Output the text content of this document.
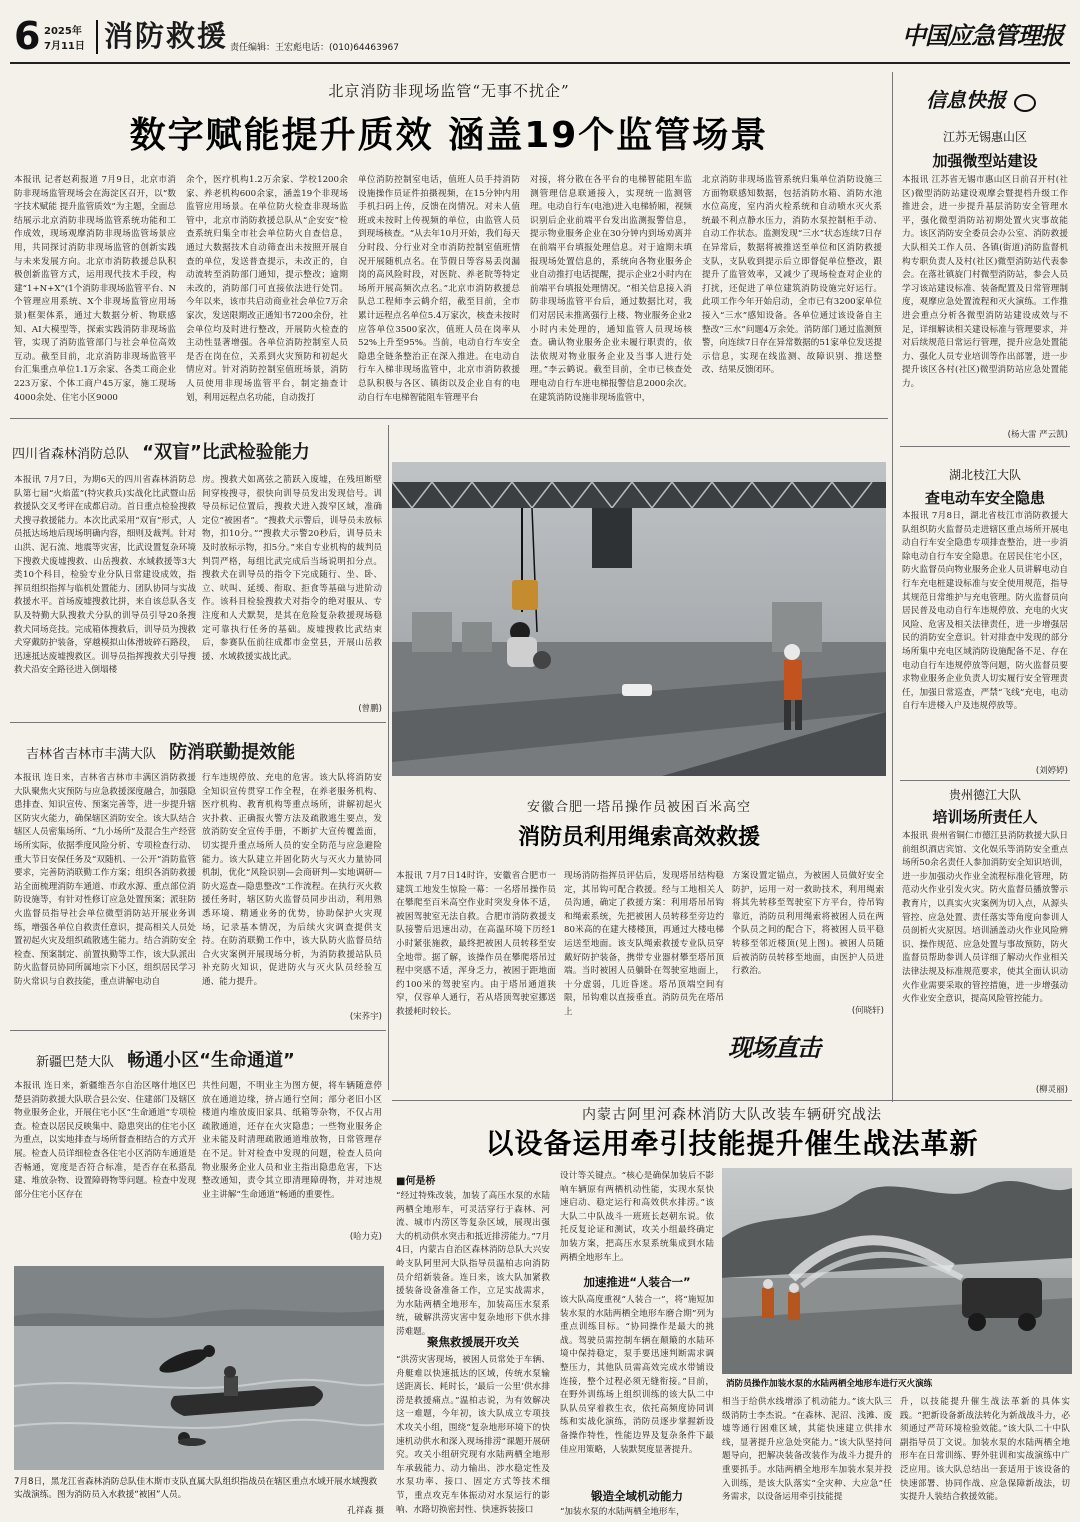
6 2025年
7月11日 消防救援 责任编辑：王宏彪 电话：(010)64463967	中国应急管理报
北京消防非现场监管“无事不扰企”
数字赋能提升质效 涵盖19个监管场景
本报讯 记者赵莉报道 7月9日，北京市消防非现场监管现场会在海淀区召开，以“数字技术赋能 提升监管质效”为主题，全面总结展示北京消防非现场监管系统功能和工作成效，现场观摩消防非现场监管场景应用，共同探讨消防非现场监管的创新实践与未来发展方向。北京市消防救援总队积极创新监管方式，运用现代技术手段，构建“1+N+X”(1个消防非现场监管平台、N个管理应用系统、X个非现场监管应用场景)框架体系，通过大数据分析、物联感知、AI大模型等，探索实践消防非现场监管，实现了消防监管部门与社会单位高效互动。截至目前，北京消防非现场监管平台汇集重点单位1.1万余家、各类工商企业223万家、个体工商户45万家，施工现场4000余处、住宅小区9000
余个，医疗机构1.2万余家、学校1200余家、养老机构600余家，涵盖19个非现场监管应用场景。在单位防火检查非现场监管中，北京市消防救援总队从“企安安”检查系统归集全市社会单位防火自查信息，通过大数据技术自动筛查出未按照开展自查的单位，发送普查提示，未改正的，自动流转至消防部门通知，提示整改；逾期未改的，消防部门可直接依法进行处罚。今年以来，该市共启动商业社会单位7万余家次，发送限期改正通知书7200余份，社会单位均及时进行整改，开展防火检查的主动性显著增强。各单位消防控制室人员是否在岗在位，关系到火灾预防和初起火情应对。针对消防控制室值班场景，消防人员使用非现场监管平台，制定抽查计划，利用远程点名功能，自动拨打
单位消防控制室电话，值班人员手持消防设施操作员证件拍摄视频，在15分钟内用手机扫码上传，反馈在岗情况。对未人值班或未按时上传视频的单位，由监管人员到现场核查。“从去年10月开始，我们每天分时段、分行业对全市消防控制室值班情况开展随机点名。在节假日等容易丢岗漏岗的高风险时段，对医院、养老院等特定场所开展高频次点名。”北京市消防救援总队总工程师李云鹤介绍，截至目前，全市累计远程点名单位5.4万家次，核查未按时应答单位3500家次，值班人员在岗率从52%上升至95%。当前，电动自行车安全隐患全链条整治正在深入推进。在电动自行车入梯非现场监管中，北京市消防救援总队积极与各区、镇街以及企业自有的电动自行车电梯智能阻车管理平台
对接，将分散在各平台的电梯智能阻车监测管理信息联通接入，实现统一监测管理。电动自行车(电池)进入电梯轿厢，视频识别后企业前端平台发出监测报警信息，提示物业服务企业在30分钟内到场劝离并在前端平台填报处理信息。对于逾期未填报现场处置信息的，系统向各物业服务企业自动推打电话提醒，提示企业2小时内在前端平台填报处理情况。“相关信息接入消防非现场监管平台后，通过数据比对，我们对居民未推离强行上楼、物业服务企业2小时内未处理的，通知监管人员现场核查。确认物业服务企业未履行职责的，依法依规对物业服务企业及当事人进行处理。”李云鹤说。截至目前，全市已核查处理电动自行车进电梯报警信息2000余次。在建筑消防设施非现场监管中，
北京消防非现场监管系统归集单位消防设施三方面物联感知数据，包括消防水箱、消防水池水位高度，室内消火栓系统和自动喷水灭火系统最不利点静水压力，消防水泵控制柜手动、自动工作状态。监测发现“三水”状态连续7日存在异常后，数据将被推送至单位和区消防救援支队，支队收到提示后立即督促单位整改，跟提升了监管效率，又减少了现场检查对企业的打扰，还促进了单位建筑消防设施完好运行。此项工作今年开始启动，全市已有3200家单位接入“三水”感知设备。各单位通过该设备自主整改“三水”问题4万余处。消防部门通过监测预警，向连续7日存在异常数据的51家单位发送提示信息，实现在线监测、故障识别、推送整改、结果反馈闭环。
信息快报
江苏无锡惠山区
加强微型站建设
本报讯 江苏省无锡市惠山区日前召开村(社区)微型消防站建设观摩会暨提档升级工作推进会，进一步提升基层消防安全管理水平，强化微型消防站初期处置火灾事故能力。该区消防安全委员会办公室、消防救援大队相关工作人员、各镇(街道)消防监督机构专职负责人及村(社区)微型消防站代表参会。在落社镇旋门村微型消防站，参会人员学习该站建设标准、装备配置及日常管理制度，观摩应急处置流程和灭火演练。工作推进会重点分析各微型消防站建设成效与不足，详细解读相关建设标准与管理要求，并对后续规范日常运行管理，提升应急处置能力、强化人员专业培训等作出部署，进一步提升该区各村(社区)微型消防站应急处置能力。
(杨大雷 严云凯)
湖北枝江大队
查电动车安全隐患
本报讯 7月8日，湖北省枝江市消防救援大队组织防火监督员走进辖区重点场所开展电动自行车安全隐患专项排查整治，进一步消除电动自行车安全隐患。在居民住宅小区，防火监督员向物业服务企业人员讲解电动自行车充电桩建设标准与安全使用规范，指导其规范日常维护与充电管理。防火监督员向居民普及电动自行车违规停放、充电的火灾风险、危害及相关法律责任，进一步增强居民的消防安全意识。针对排查中发现的部分场所集中充电区域消防设施配备不足、存在电动自行车违规停放等问题，防火监督员要求物业服务企业负责人切实履行安全管理责任，加强日常巡查，严禁“飞线”充电，电动自行车进楼入户及违规停放等。
(刘婷婷)
贵州德江大队
培训场所责任人
本报讯 贵州省铜仁市德江县消防救援大队日前组织酒店宾馆、文化娱乐等消防安全重点场所50余名责任人参加消防安全知识培训，进一步加强动火作业全流程标准化管理，防范动火作业引发火灾。防火监督员播放警示教育片，以真实火灾案例为切入点，从源头管控、应急处置、责任落实等角度向参训人员剖析火灾原因。培训涵盖动火作业风险辨识、操作规范、应急处置与事故预防，防火监督员帮助参训人员详细了解动火作业相关法律法规及标准规范要求，使其全面认识动火作业需要采取的管控措施，进一步增强动火作业安全意识，提高风险管控能力。
(柳灵丽)
四川省森林消防总队 “双盲”比武检验能力
本报讯 7月7日，为期6天的四川省森林消防总队第七届“火焰蓝”(特灾救兵)实战化比武暨山岳救援队交叉考评在成都启动。首日重点检验搜救犬搜寻救援能力。本次比武采用“双盲”形式，人员抵达场地后现场明确内容，细则及裁判。针对山洪、泥石流、地震等灾害，比武设置复杂环境下搜救犬废墟搜救、山岳搜救、水域救援等3大类10个科目，检验专业分队日常建设成效，指挥员组织指挥与临机处置能力、团队协同与实战救援水平。首场废墟搜救比拼，来自该总队各支队及特勤大队搜救犬分队的训导员引导20条搜救犬同场竞技。完成箱体搜救后，训导员为搜救犬穿戴防护装备，穿越模拟山体滑坡碎石路段，迅速抵达废墟搜救区。训导员指挥搜救犬引导搜救犬沿安全路径进入倒塌楼
房。搜救犬如离弦之箭跃入废墟，在残垣断壁间穿梭搜寻，很快向训导员发出发现信号。训导员标记位置后，搜救犬进入拨窄区域，准确定位“被困者”。“搜救犬示警后，训导员未放标物，扣10分。”“搜救犬示警20秒后，训导员未及时放标示物，扣5分。”来自专业机构的裁判员判罚严格，每组比武完成后当场说明扣分点。搜救犬在训导员的指令下完成随行、坐、卧、立、吠叫、延缓、衔取、拒食等基础与进阶动作。该科目检验搜救犬对指令的绝对服从、专注度和人犬默契，是其在危险复杂救援现场稳定可靠执行任务的基础。废墟搜救比武结束后，参赛队伍前往成都市金堂县，开展山岳救援、水域救援实战比武。
(曾鹏)
吉林省吉林市丰满大队 防消联勤提效能
本报讯 连日来，吉林省吉林市丰满区消防救援大队聚焦火灾预防与应急救援深度融合，加强隐患排查、知识宣传、预案完善等，进一步提升辖区防灾火能力，确保辖区消防安全。该大队结合辖区人员密集场所、“九小场所”及混合生产经营场所实际，依据季度风险分析、专项检查行动、重大节日安保任务及“双随机、一公开”消防监管要求，完善防消联勤工作方案；组织各消防救援站全面梳理消防车通道、市政水源、重点部位消防设施等，有针对性修订应急处置预案；派驻防火监督员指导社会单位微型消防站开展业务训练，增强各单位自救责任意识，提高相关人员处置初起火灾及组织疏散逃生能力。结合消防安全检查、预案制定、前置执勤等工作，该大队派出防火监督员协同所属地宗下小区，组织居民学习防火常识与自救技能，重点讲解电动自
行车违规停放、充电的危害。该大队将消防安全知识宣传贯穿工作全程，在养老服务机构、医疗机构、教育机构等重点场所，讲解初起火灾扑救、正确报火警方法及疏散逃生要点，发放消防安全宣传手册，不断扩大宣传覆盖面，切实提升重点场所人员的安全防范与应急避险能力。该大队建立并固化防火与灭火力量协同机制，优化“风险识别—会商研判—实地调研—防火巡查—隐患整改”工作流程。在执行灭火救援任务时，辖区防火监督员同步出动，利用熟悉环境、精通业务的优势，协助保护火灾现场，记录基本情况，为后续火灾调查提供支持。在防消联勤工作中，该大队防火监督员结合火灾案例开展现场分析，为消防救援站队员补充防火知识，促进防火与灭火队员经验互通、能力提升。
(宋荞宇)
新疆巴楚大队 畅通小区“生命通道”
本报讯 连日来，新疆维吾尔自治区喀什地区巴楚县消防救援大队联合县公安、住建部门及辖区物业服务企业，开展住宅小区“生命通道”专项检查。检查以居民反映集中、隐患突出的住宅小区为重点，以实地排查与场所督查相结合的方式开展。检查人员详细检查各住宅小区消防车通道是否畅通，宽度是否符合标准，是否存在私搭乱建、堆放杂物、设置障碍物等问题。检查中发现部分住宅小区存在
共性问题，不明业主为图方便，将车辆随意停放在通道边缘，挤占通行空间；部分老旧小区楼道内堆放废旧家具、纸箱等杂物，不仅占用疏散通道，还存在火灾隐患；一些物业服务企业未能及时清理疏散通道堆放物，日常管理存在不足。针对检查中发现的问题，检查人员向物业服务企业人员和业主指出隐患危害，下达整改通知，责令其立即清理障碍物，并对违规业主讲解“生命通道”畅通的重要性。
(哈力克)
安徽合肥一塔吊操作员被困百米高空
消防员利用绳索高效救援
本报讯 7月7日14时许，安徽省合肥市一建筑工地发生惊险一幕：一名塔吊操作员在攀爬至百米高空作业时突发身体不适，被困驾驶室无法自救。合肥市消防救援支队接警后迅速出动，在高温环境下历经1小时紧张施救，最终把被困人员转移至安全地带。据了解，该操作员在攀爬塔吊过程中突感不适，浑身乏力，被困于距地面约100米的驾驶室内。由于塔吊通道狭窄，仅容单人通行，若从塔顶驾驶室挪送救援耗时较长。
现场消防指挥员评估后，发现塔吊结构稳定，其吊钩可配合救援。经与工地相关人员沟通，确定了救援方案：利用塔吊吊钩和绳索系统，先把被困人员转移至旁边约80米高的在建大楼楼顶，再通过大楼电梯运送至地面。该支队绳索救援专业队员穿戴好防护装备，携带专业器材攀至塔吊顶端。当时被困人员躺卧在驾驶室地面上，十分虚弱，几近昏迷。塔吊顶端空间有限，吊钩难以直接垂直。消防员先在塔吊上
方案设置定锚点，为被困人员做好安全防护，运用一对一救助技术，利用绳索将其先转移至驾驶室下方平台，待吊钩靠近，消防员利用绳索将被困人员在两个队员之间的配合下，将被困人员平稳转移至邻近楼顶(见上图)。被困人员随后被消防员转移至地面，由医护人员进行救治。
(何晓轩)
现场直击
7月8日，黑龙江省森林消防总队佳木斯市支队直属大队组织指战员在辖区重点水域开展水域搜救实战演练。图为消防员入水救援“被困”人员。
孔祥森 摄
内蒙古阿里河森林消防大队改装车辆研究战法
以设备运用牵引技能提升催生战法革新
■何是桥
“经过特殊改装，加装了高压水泵的水陆两栖全地形车，可灵活穿行于森林、河流、城市内涝区等复杂区域，展现出强大的机动供水突击和抵近排涝能力。”7月4日，内蒙古自治区森林消防总队大兴安岭支队阿里河大队指导员温柏志向消防员介绍新装备。连日来，该大队加紧救援装备设备准备工作，立足实战需求，为水陆两栖全地形车，加装高压水泵系统，破解洪涝灾害中复杂地形下供水排涝难题。
聚焦救援展开攻关
“洪涝灾害现场，被困人员常处于车辆、舟艇难以快速抵达的区域，传统水泵输送距离长、耗时长，‘最后一公里’供水排涝是救援痛点。”温柏志说，为有效解决这一难题，今年初，该大队成立专项技术攻关小组，围绕“复杂地形环境下的快速机动供水和深入现场排涝”课题开展研究。攻关小组研究现有水陆两栖全地形车承载能力、动力输出、涉水稳定性及水泵功率、接口、固定方式等技术细节，重点攻克车体振动对水泵运行的影响、水路切换密封性、快速拆装接口
设计等关键点。“核心是确保加装后不影响车辆原有两栖机动性能，实现水泵快速启动、稳定运行和高效供水排涝。”该大队二中队战斗一班班长赵朝东说。依托反复论证和测试，攻关小组最终确定加装方案，把高压水泵系统集成到水陆两栖全地形车上。
加速推进“人装合一”
该大队高度重视“人装合一”，将“施短加装水泵的水陆两栖全地形车磨合期”列为重点训练目标。“协同操作是最大的挑战。驾驶员需控制车辆在颠簸的水陆环境中保持稳定，泵手要迅速判断需求调整压力，其他队员需高效完成水带铺设连接，整个过程必须无缝衔接。”目前，在野外训练场上组织训练的该大队二中队队员穿着救生衣，依托高频度协同训练和实战化演练，消防员逐步掌握新设备操作特性，性能边界及复杂条件下最佳应用策略，人装默契度显著提升。
锻造全域机动能力
“加装水泵的水陆两栖全地形车，
消防员操作加装水泵的水陆两栖全地形车进行灭火演练
相当于给供水线增添了机动能力。”该大队三级消防士李杰说。“在森林、泥沼、浅滩、废墟等通行困难区域，其能快速建立供排水线，显著提升应急处突能力。”该大队坚持问题导向，把解决装备改装作为战斗力提升的重要抓手。水陆两栖全地形车加装水泵并投入训练，是该大队落实“全灾种、大应急”任务需求，以设备运用牵引技能提
升，以技能提升催生战法革新的具体实践。“把新设备新战法转化为新战战斗力，必须通过严苛环境检验效能。”该大队二十中队副指导员丁文说。加装水泵的水陆两栖全地形车在日常训练、野外驻训和实战演练中广泛应用。该大队总结出一套适用于该设备的快速部署、协同作战、应急保障新战法，切实提升人装结合救援效能。
